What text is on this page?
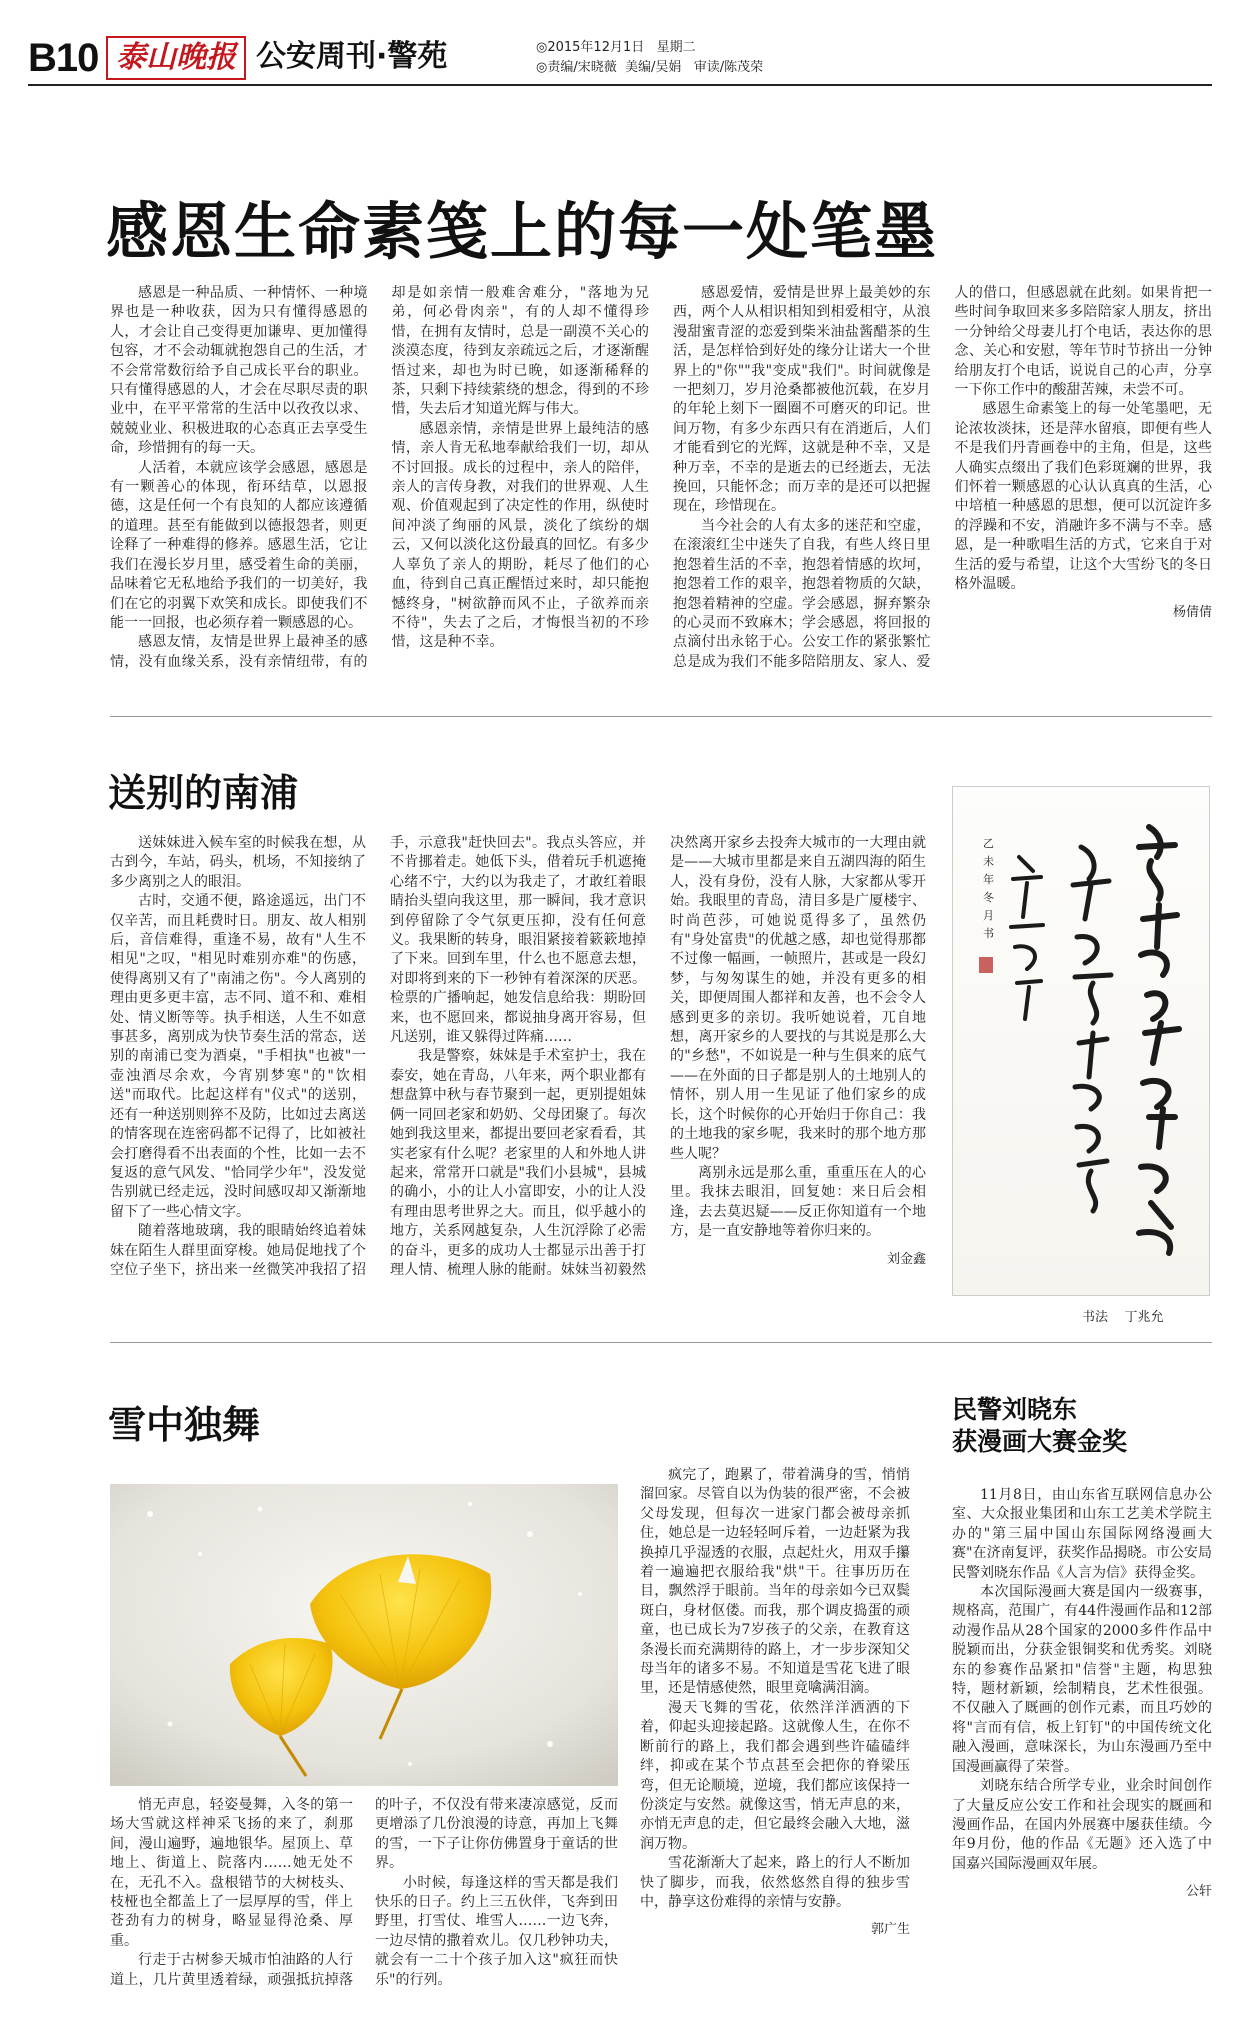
B10 泰山晚报 公安周刊·警苑	◎2015年12月1日 星期二
◎责编/宋晓薇 美编/吴娟 审读/陈茂荣
感恩生命素笺上的每一处笔墨

感恩是一种品质、一种情怀、一种境界也是一种收获，因为只有懂得感恩的人，才会让自己变得更加谦卑、更加懂得包容，才不会动辄就抱怨自己的生活，才不会常常数衍给予自己成长平台的职业。只有懂得感恩的人，才会在尽职尽责的职业中，在平平常常的生活中以孜孜以求、兢兢业业、积极进取的心态真正去享受生命，珍惜拥有的每一天。

人活着，本就应该学会感恩，感恩是有一颗善心的体现，衔环结草，以恩报德，这是任何一个有良知的人都应该遵循的道理。甚至有能做到以德报怨者，则更诠释了一种难得的修养。感恩生活，它让我们在漫长岁月里，感受着生命的美丽，品味着它无私地给予我们的一切美好，我们在它的羽翼下欢笑和成长。即使我们不能一一回报，也必须存着一颗感恩的心。

感恩友情，友情是世界上最神圣的感情，没有血缘关系，没有亲情纽带，有的却是如亲情一般难舍难分，"落地为兄弟，何必骨肉亲"，有的人却不懂得珍惜，在拥有友情时，总是一副漠不关心的淡漠态度，待到友亲疏远之后，才逐渐醒悟过来，却也为时已晚，如逐渐稀释的茶，只剩下持续萦绕的想念，得到的不珍惜，失去后才知道光辉与伟大。

感恩亲情，亲情是世界上最纯洁的感情，亲人肯无私地奉献给我们一切，却从不讨回报。成长的过程中，亲人的陪伴，亲人的言传身教，对我们的世界观、人生观、价值观起到了决定性的作用，纵使时间冲淡了绚丽的风景，淡化了缤纷的烟云，又何以淡化这份最真的回忆。有多少人辜负了亲人的期盼，耗尽了他们的心血，待到自己真正醒悟过来时，却只能抱憾终身，"树欲静而风不止，子欲养而亲不待"，失去了之后，才悔恨当初的不珍惜，这是种不幸。

感恩爱情，爱情是世界上最美妙的东西，两个人从相识相知到相爱相守，从浪漫甜蜜青涩的恋爱到柴米油盐酱醋茶的生活，是怎样恰到好处的缘分让诺大一个世界上的"你""我"变成"我们"。时间就像是一把刻刀，岁月沧桑都被他沉载，在岁月的年轮上刻下一圈圈不可磨灭的印记。世间万物，有多少东西只有在消逝后，人们才能看到它的光辉，这就是种不幸，又是种万幸，不幸的是逝去的已经逝去，无法挽回，只能怀念；而万幸的是还可以把握现在，珍惜现在。

当今社会的人有太多的迷茫和空虚，在滚滚红尘中迷失了自我，有些人终日里抱怨着生活的不幸，抱怨着情感的坎坷，抱怨着工作的艰辛，抱怨着物质的欠缺，抱怨着精神的空虚。学会感恩，摒弃繁杂的心灵而不致麻木；学会感恩，将回报的点滴付出永铭于心。公安工作的紧张繁忙总是成为我们不能多陪陪朋友、家人、爱人的借口，但感恩就在此刻。如果肯把一些时间争取回来多多陪陪家人朋友，挤出一分钟给父母妻儿打个电话，表达你的思念、关心和安慰，等年节时节挤出一分钟给朋友打个电话，说说自己的心声，分享一下你工作中的酸甜苦辣，未尝不可。

感恩生命素笺上的每一处笔墨吧，无论浓妆淡抹，还是萍水留痕，即便有些人不是我们丹青画卷中的主角，但是，这些人确实点缀出了我们色彩斑斓的世界，我们怀着一颗感恩的心认认真真的生活，心中培植一种感恩的思想，便可以沉淀许多的浮躁和不安，消融许多不满与不幸。感恩，是一种歌唱生活的方式，它来自于对生活的爱与希望，让这个大雪纷飞的冬日格外温暖。

杨倩倩
送别的南浦

送妹妹进入候车室的时候我在想，从古到今，车站，码头，机场，不知接纳了多少离别之人的眼泪。

古时，交通不便，路途遥远，出门不仅辛苦，而且耗费时日。朋友、故人相别后，音信难得，重逢不易，故有"人生不相见"之叹，"相见时难别亦难"的伤感，使得离别又有了"南浦之伤"。今人离别的理由更多更丰富，志不同、道不和、难相处、情义断等等。执手相送，人生不如意事甚多，离别成为快节奏生活的常态，送别的南浦已变为酒桌，"手相执"也被"一壶浊酒尽余欢，今宵别梦寒"的"饮相送"而取代。比起这样有"仪式"的送别，还有一种送别则猝不及防，比如过去离送的情客现在连密码都不记得了，比如被社会打磨得看不出表面的个性，比如一去不复返的意气风发、"恰同学少年"，没发觉告别就已经走远，没时间感叹却又渐渐地留下了一些心情文字。

随着落地玻璃，我的眼睛始终追着妹妹在陌生人群里面穿梭。她局促地找了个空位子坐下，挤出来一丝微笑冲我招了招手，示意我"赶快回去"。我点头答应，并不肯挪着走。她低下头，借着玩手机遮掩心绪不宁，大约以为我走了，才敢红着眼睛抬头望向我这里，那一瞬间，我才意识到停留除了令气氛更压抑，没有任何意义。我果断的转身，眼泪紧接着簌簌地掉了下来。回到车里，什么也不愿意去想，对即将到来的下一秒钟有着深深的厌恶。检票的广播响起，她发信息给我：期盼回来，也不愿回来，都说抽身离开容易，但凡送别，谁又躲得过阵痛……

我是警察，妹妹是手术室护士，我在泰安，她在青岛，八年来，两个职业都有想盘算中秋与春节聚到一起，更别提姐妹俩一同回老家和奶奶、父母团聚了。每次她到我这里来，都提出要回老家看看，其实老家有什么呢？老家里的人和外地人讲起来，常常开口就是"我们小县城"，县城的确小，小的让人小富即安，小的让人没有理由思考世界之大。而且，似乎越小的地方，关系网越复杂，人生沉浮除了必需的奋斗，更多的成功人士都显示出善于打理人情、梳理人脉的能耐。妹妹当初毅然决然离开家乡去投奔大城市的一大理由就是——大城市里都是来自五湖四海的陌生人，没有身份，没有人脉，大家都从零开始。我眼里的青岛，清目多是广厦楼宇、时尚芭莎，可她说觅得多了，虽然仍有"身处富贵"的优越之感，却也觉得那都不过像一幅画，一帧照片，甚或是一段幻梦，与匆匆谋生的她，并没有更多的相关，即便周围人都祥和友善，也不会令人感到更多的亲切。我听她说着，兀自地想，离开家乡的人要找的与其说是那么大的"乡愁"，不如说是一种与生俱来的底气——在外面的日子都是别人的土地别人的情怀，别人用一生见证了他们家乡的成长，这个时候你的心开始归于你自己：我的土地我的家乡呢，我来时的那个地方那些人呢？

离别永远是那么重，重重压在人的心里。我抹去眼泪，回复她：来日后会相逢，去去莫迟疑——反正你知道有一个地方，是一直安静地等着你归来的。

刘金鑫
乙
未
年
冬
月
书
书法 丁兆允
雪中独舞

悄无声息，轻姿曼舞，入冬的第一场大雪就这样神采飞扬的来了，刹那间，漫山遍野，遍地银华。屋顶上、草地上、街道上、院落内……她无处不在，无孔不入。盘根错节的大树枝头、枝桠也全都盖上了一层厚厚的雪，伴上苍劲有力的树身，略显显得沧桑、厚重。

行走于古树参天城市怕油路的人行道上，几片黄里透着绿，顽强抵抗掉落的叶子，不仅没有带来凄凉感觉，反而更增添了几份浪漫的诗意，再加上飞舞的雪，一下子让你仿佛置身于童话的世界。

小时候，每逢这样的雪天都是我们快乐的日子。约上三五伙伴，飞奔到田野里，打雪仗、堆雪人……一边飞奔，一边尽情的撒着欢儿。仅几秒钟功夫，就会有一二十个孩子加入这"疯狂而快乐"的行列。

疯完了，跑累了，带着满身的雪，悄悄溜回家。尽管自以为伪装的很严密，不会被父母发现，但每次一进家门都会被母亲抓住，她总是一边轻轻呵斥着，一边赶紧为我换掉几乎湿透的衣服，点起灶火，用双手攥着一遍遍把衣服给我"烘"干。往事历历在目，飘然浮于眼前。当年的母亲如今已双鬓斑白，身材伛偻。而我，那个调皮捣蛋的顽童，也已成长为7岁孩子的父亲，在教育这条漫长而充满期待的路上，才一步步深知父母当年的诸多不易。不知道是雪花飞进了眼里，还是情感使然，眼里竟噙满泪滴。

漫天飞舞的雪花，依然洋洋洒洒的下着，仰起头迎接起路。这就像人生，在你不断前行的路上，我们都会遇到些许磕磕绊绊，抑或在某个节点甚至会把你的脊梁压弯，但无论顺境，逆境，我们都应该保持一份淡定与安然。就像这雪，悄无声息的来，亦悄无声息的走，但它最终会融入大地，滋润万物。

雪花渐渐大了起来，路上的行人不断加快了脚步，而我，依然悠然自得的独步雪中，静享这份难得的亲情与安静。

郭广生
民警刘晓东
获漫画大赛金奖

11月8日，由山东省互联网信息办公室、大众报业集团和山东工艺美术学院主办的"第三届中国山东国际网络漫画大赛"在济南复评，获奖作品揭晓。市公安局民警刘晓东作品《人言为信》获得金奖。

本次国际漫画大赛是国内一级赛事，规格高，范围广，有44件漫画作品和12部动漫作品从28个国家的2000多件作品中脱颖而出，分获金银铜奖和优秀奖。刘晓东的参赛作品紧扣"信誉"主题，构思独特，题材新颖，绘制精良，艺术性很强。不仅融入了厩画的创作元素，而且巧妙的将"言而有信，板上钉钉"的中国传统文化融入漫画，意味深长，为山东漫画乃至中国漫画赢得了荣誉。

刘晓东结合所学专业，业余时间创作了大量反应公安工作和社会现实的厩画和漫画作品，在国内外展赛中屡获佳绩。今年9月份，他的作品《无题》还入选了中国嘉兴国际漫画双年展。

公轩
